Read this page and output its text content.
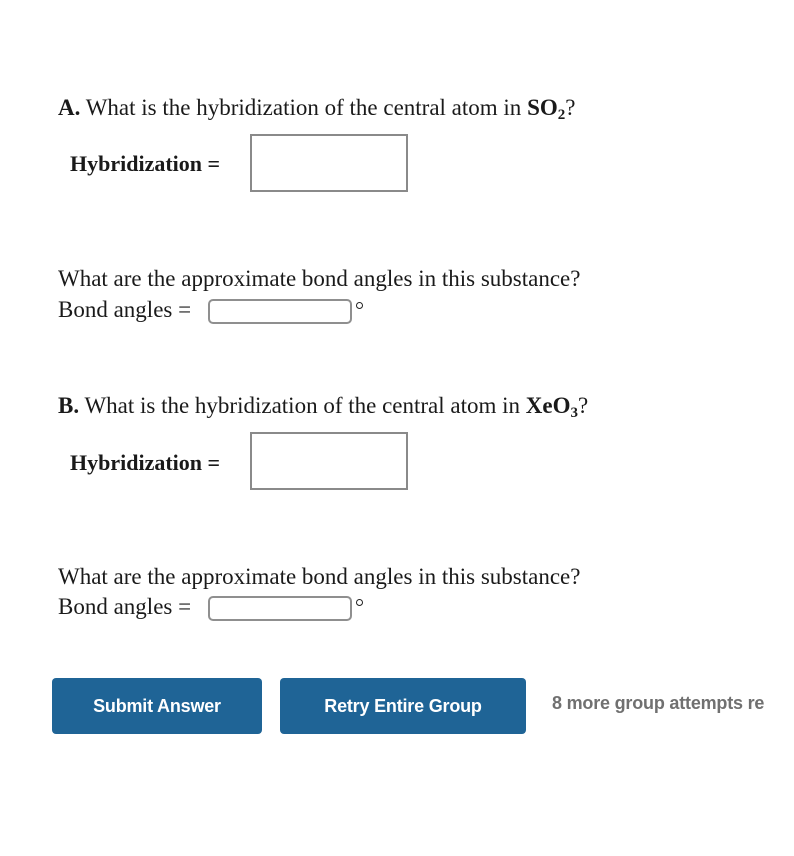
A. What is the hybridization of the central atom in $SO_2$?
Hybridization =
What are the approximate bond angles in this substance?
Bond angles =
B. What is the hybridization of the central atom in XeO$_3$?
Hybridization =
What are the approximate bond angles in this substance?
Bond angles =
Submit Answer	Retry Entire Group	8 more group attempts re
